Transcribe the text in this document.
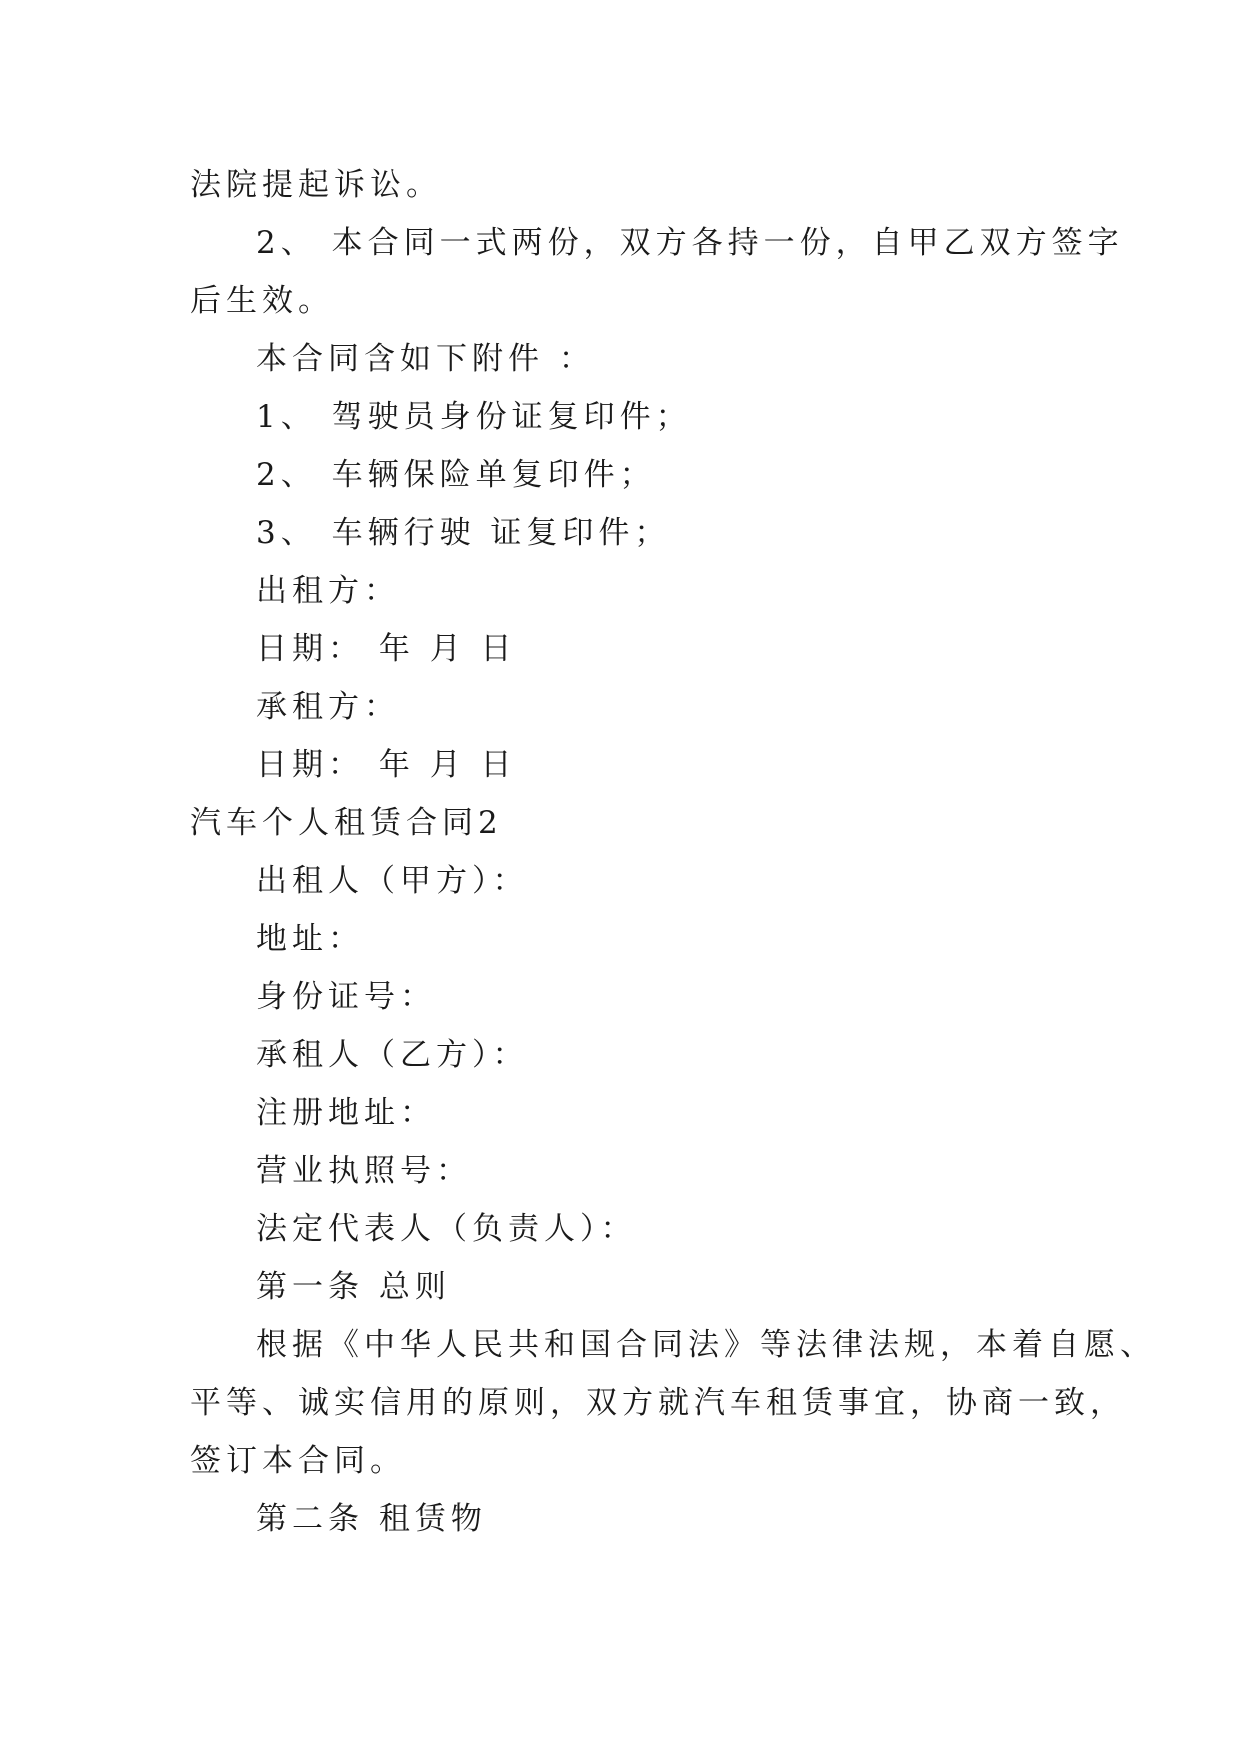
法院提起诉讼。
2、 本合同一式两份，双方各持一份，自甲乙双方签字
后生效。
本合同含如下附件 ：
1、 驾驶员身份证复印件；
2、 车辆保险单复印件；
3、 车辆行驶 证复印件；
出租方：
日期： 年 月 日
承租方：
日期： 年 月 日
汽车个人租赁合同2
出租人（甲方）：
地址：
身份证号：
承租人（乙方）：
注册地址：
营业执照号：
法定代表人（负责人）：
第一条 总则
根据《中华人民共和国合同法》等法律法规，本着自愿、
平等、诚实信用的原则，双方就汽车租赁事宜，协商一致，
签订本合同。
第二条 租赁物
